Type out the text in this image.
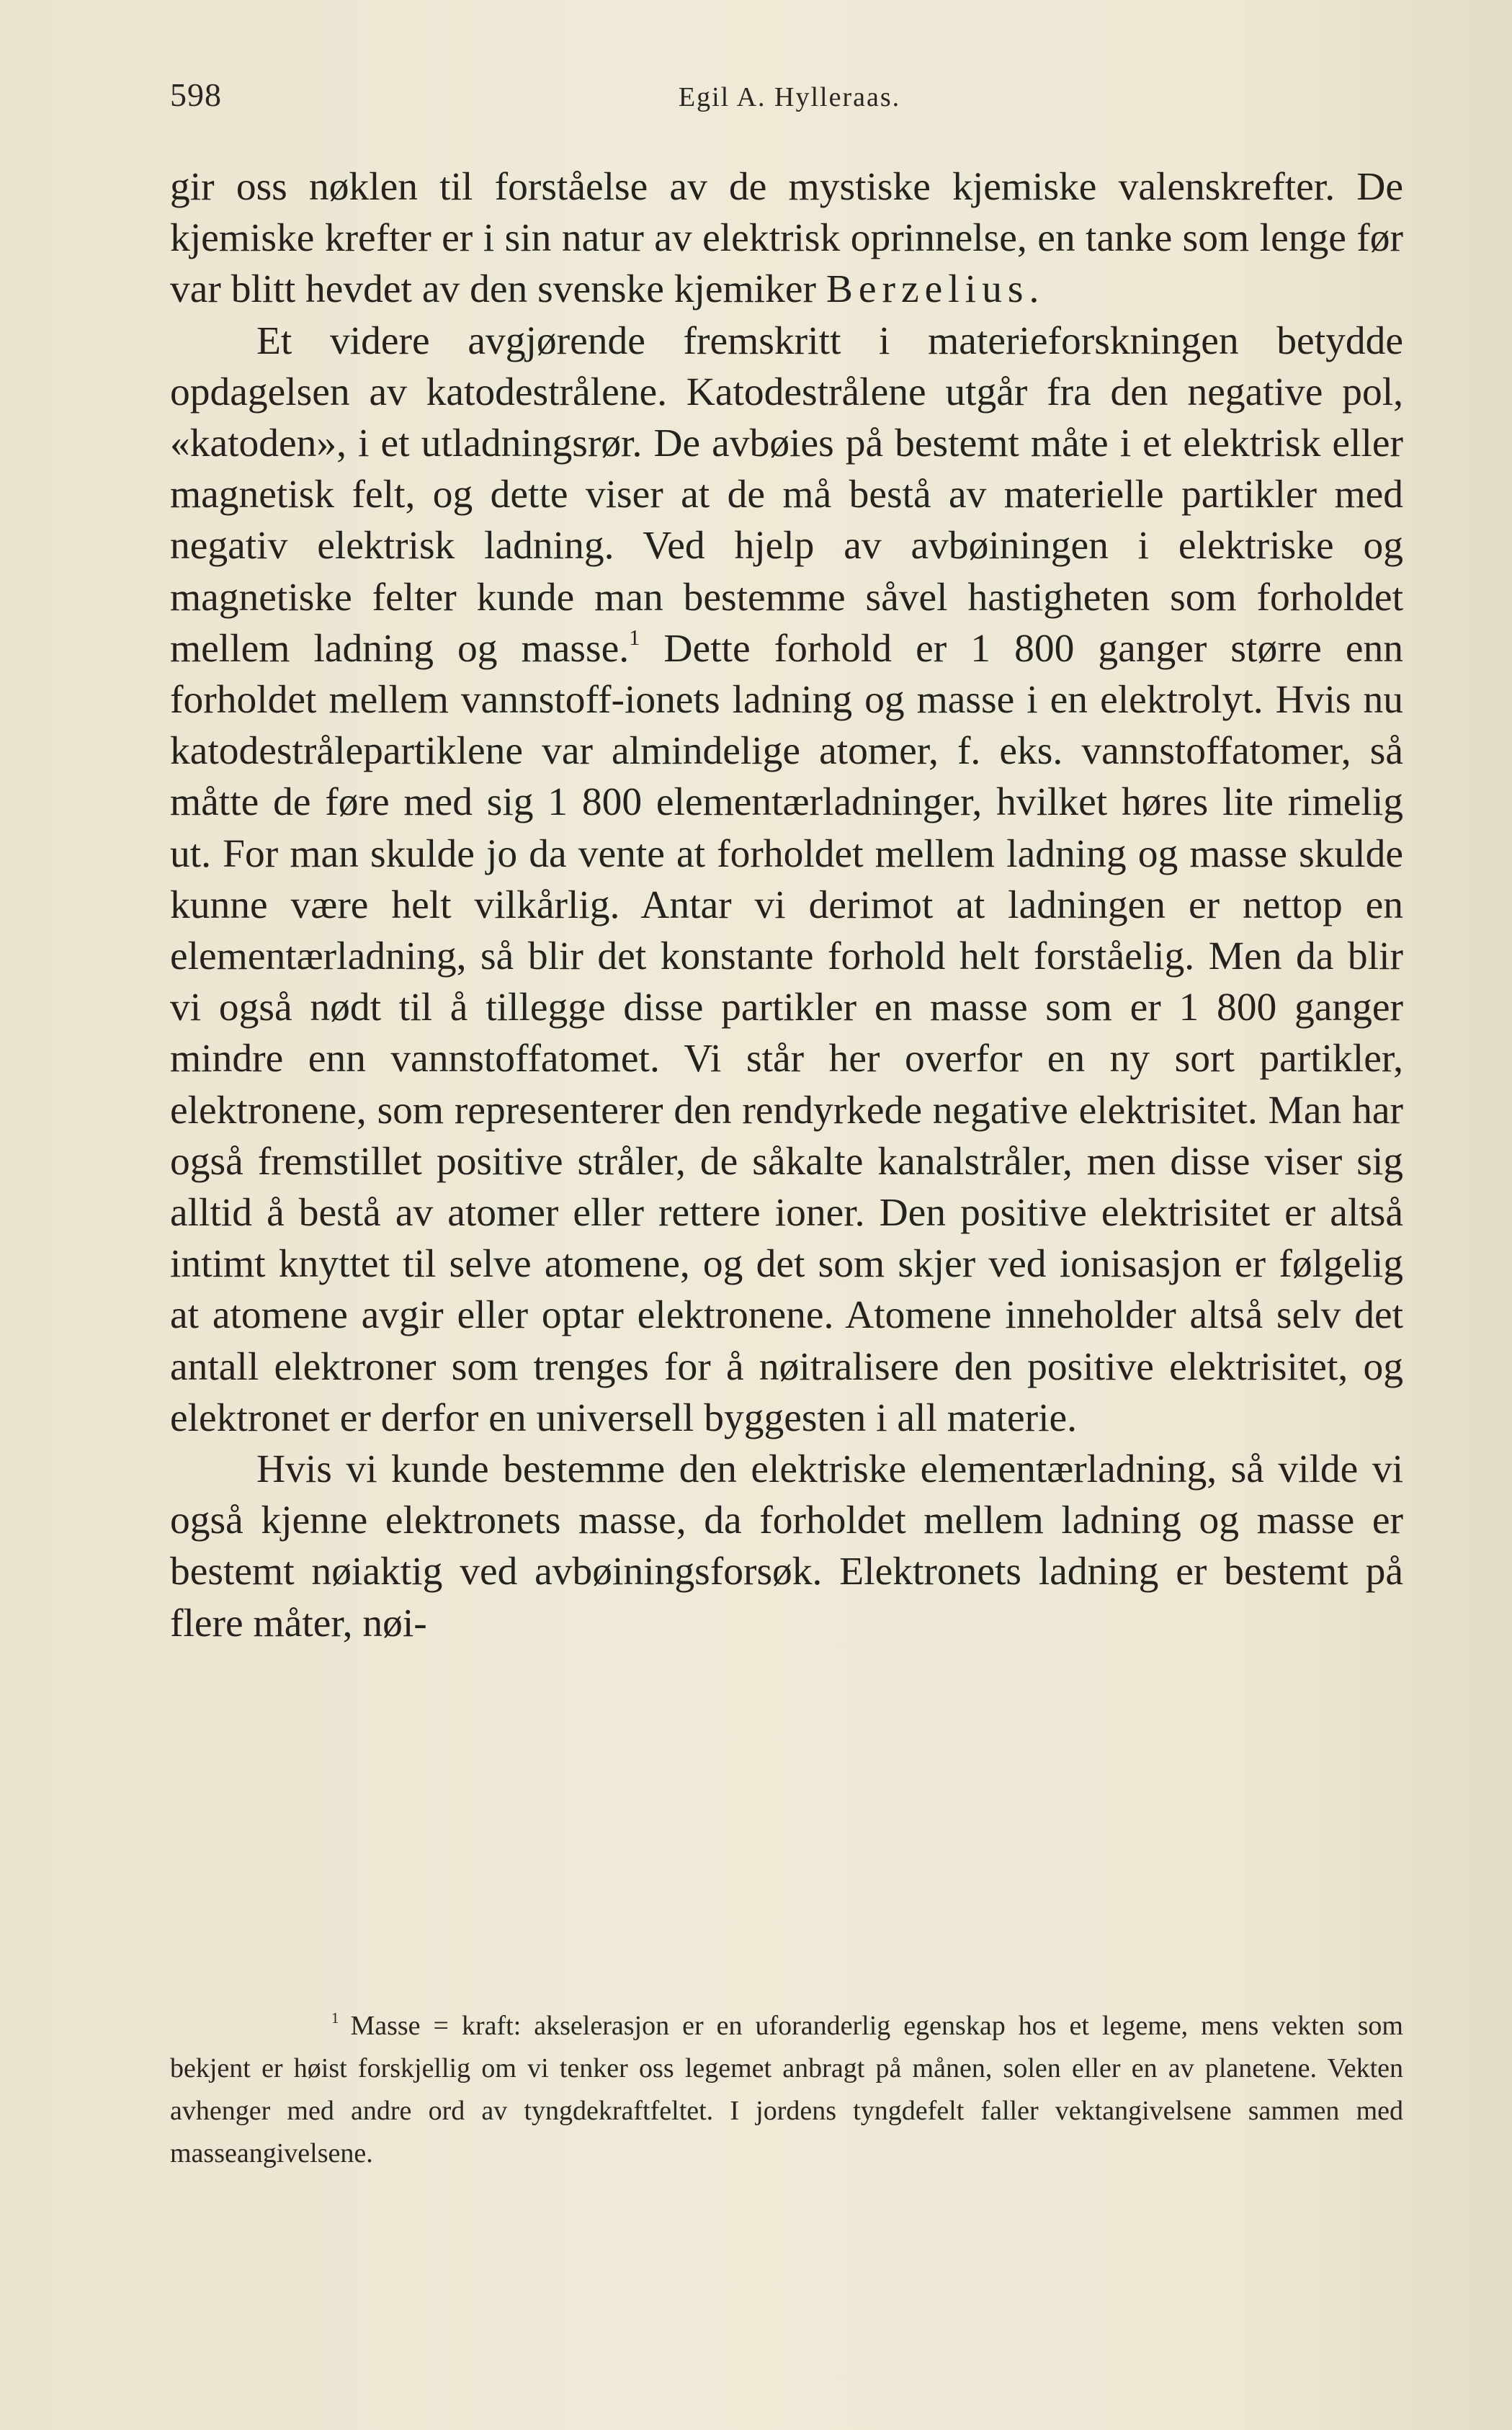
598	Egil A. Hylleraas.

gir oss nøklen til forståelse av de mystiske kjemiske valenskrefter. De kjemiske krefter er i sin natur av elektrisk oprinnelse, en tanke som lenge før var blitt hevdet av den svenske kjemiker Berzelius.

Et videre avgjørende fremskritt i materieforskningen betydde opdagelsen av katodestrålene. Katodestrålene utgår fra den negative pol, «katoden», i et utladningsrør. De avbøies på bestemt måte i et elektrisk eller magnetisk felt, og dette viser at de må bestå av materielle partikler med negativ elektrisk ladning. Ved hjelp av avbøiningen i elektriske og magnetiske felter kunde man bestemme såvel hastigheten som forholdet mellem ladning og masse.$^1$ Dette forhold er 1 800 ganger større enn forholdet mellem vannstoff-ionets ladning og masse i en elektrolyt. Hvis nu katodestrålepartiklene var almindelige atomer, f. eks. vannstoffatomer, så måtte de føre med sig 1 800 elementærladninger, hvilket høres lite rimelig ut. For man skulde jo da vente at forholdet mellem ladning og masse skulde kunne være helt vilkårlig. Antar vi derimot at ladningen er nettop en elementærladning, så blir det konstante forhold helt forståelig. Men da blir vi også nødt til å tillegge disse partikler en masse som er 1 800 ganger mindre enn vannstoffatomet. Vi står her overfor en ny sort partikler, elektronene, som representerer den rendyrkede negative elektrisitet. Man har også fremstillet positive stråler, de såkalte kanalstråler, men disse viser sig alltid å bestå av atomer eller rettere ioner. Den positive elektrisitet er altså intimt knyttet til selve atomene, og det som skjer ved ionisasjon er følgelig at atomene avgir eller optar elektronene. Atomene inneholder altså selv det antall elektroner som trenges for å nøitralisere den positive elektrisitet, og elektronet er derfor en universell byggesten i all materie.

Hvis vi kunde bestemme den elektriske elementærladning, så vilde vi også kjenne elektronets masse, da forholdet mellem ladning og masse er bestemt nøiaktig ved avbøiningsforsøk. Elektronets ladning er bestemt på flere måter, nøi-

$^1$ Masse = kraft: akselerasjon er en uforanderlig egenskap hos et legeme, mens vekten som bekjent er høist forskjellig om vi tenker oss legemet anbragt på månen, solen eller en av planetene. Vekten avhenger med andre ord av tyngdekraftfeltet. I jordens tyngdefelt faller vektangivelsene sammen med masseangivelsene.
